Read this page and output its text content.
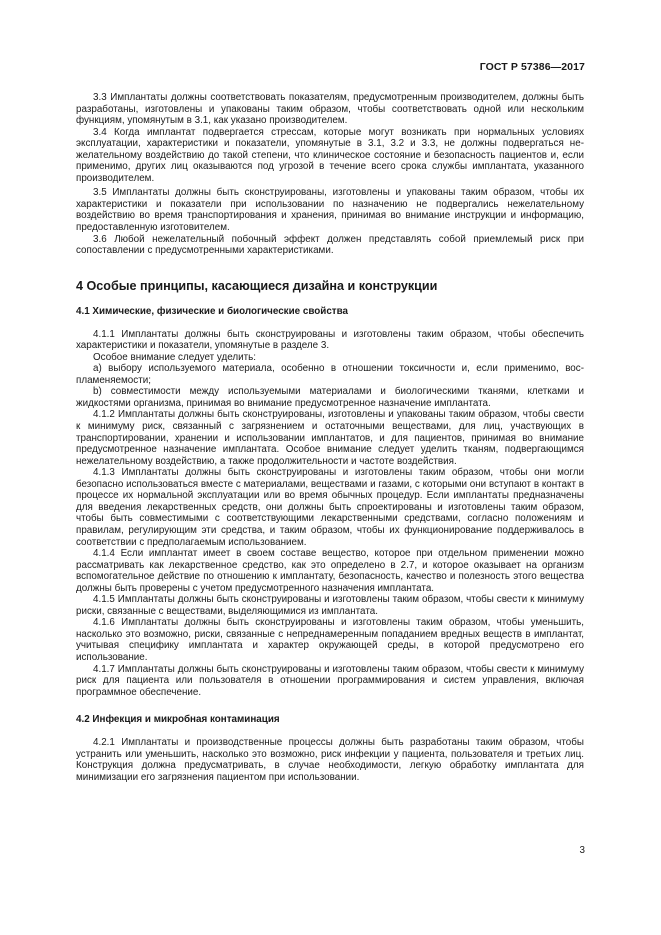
ГОСТ Р 57386—2017

3.3 Имплантаты должны соответствовать показателям, предусмотренным производителем, должны быть разработаны, изготовлены и упакованы таким образом, чтобы соответствовать одной или нескольким функциям, упомянутым в 3.1, как указано производителем.

3.4 Когда имплантат подвергается стрессам, которые могут возникать при нормальных условиях эксплуатации, характеристики и показатели, упомянутые в 3.1, 3.2 и 3.3, не должны подвергаться нежелательному воздействию до такой степени, что клиническое состояние и безопасность пациентов и, если применимо, других лиц оказываются под угрозой в течение всего срока службы имплантата, указанного производителем.

3.5 Имплантаты должны быть сконструированы, изготовлены и упакованы таким образом, чтобы их характеристики и показатели при использовании по назначению не подвергались нежелательному воздействию во время транспортирования и хранения, принимая во внимание инструкции и информацию, предоставленную изготовителем.

3.6 Любой нежелательный побочный эффект должен представлять собой приемлемый риск при сопоставлении с предусмотренными характеристиками.

4 Особые принципы, касающиеся дизайна и конструкции
4.1 Химические, физические и биологические свойства

4.1.1 Имплантаты должны быть сконструированы и изготовлены таким образом, чтобы обеспечить характеристики и показатели, упомянутые в разделе 3.

Особое внимание следует уделить:

a) выбору используемого материала, особенно в отношении токсичности и, если применимо, воспламеняемости;

b) совместимости между используемыми материалами и биологическими тканями, клетками и жидкостями организма, принимая во внимание предусмотренное назначение имплантата.

4.1.2 Имплантаты должны быть сконструированы, изготовлены и упакованы таким образом, чтобы свести к минимуму риск, связанный с загрязнением и остаточными веществами, для лиц, участвующих в транспортировании, хранении и использовании имплантатов, и для пациентов, принимая во внимание предусмотренное назначение имплантата. Особое внимание следует уделить тканям, подвергающимся нежелательному воздействию, а также продолжительности и частоте воздействия.

4.1.3 Имплантаты должны быть сконструированы и изготовлены таким образом, чтобы они могли безопасно использоваться вместе с материалами, веществами и газами, с которыми они вступают в контакт в процессе их нормальной эксплуатации или во время обычных процедур. Если имплантаты предназначены для введения лекарственных средств, они должны быть спроектированы и изготовлены таким образом, чтобы быть совместимыми с соответствующими лекарственными средствами, согласно положениям и правилам, регулирующим эти средства, и таким образом, чтобы их функционирование поддерживалось в соответствии с предполагаемым использованием.

4.1.4 Если имплантат имеет в своем составе вещество, которое при отдельном применении можно рассматривать как лекарственное средство, как это определено в 2.7, и которое оказывает на организм вспомогательное действие по отношению к имплантату, безопасность, качество и полезность этого вещества должны быть проверены с учетом предусмотренного назначения имплантата.

4.1.5 Имплантаты должны быть сконструированы и изготовлены таким образом, чтобы свести к минимуму риски, связанные с веществами, выделяющимися из имплантата.

4.1.6 Имплантаты должны быть сконструированы и изготовлены таким образом, чтобы уменьшить, насколько это возможно, риски, связанные с непреднамеренным попаданием вредных веществ в имплантат, учитывая специфику имплантата и характер окружающей среды, в которой предусмотрено его использование.

4.1.7 Имплантаты должны быть сконструированы и изготовлены таким образом, чтобы свести к минимуму риск для пациента или пользователя в отношении программирования и систем управления, включая программное обеспечение.

4.2 Инфекция и микробная контаминация

4.2.1 Имплантаты и производственные процессы должны быть разработаны таким образом, чтобы устранить или уменьшить, насколько это возможно, риск инфекции у пациента, пользователя и третьих лиц. Конструкция должна предусматривать, в случае необходимости, легкую обработку имплантата для минимизации его загрязнения пациентом при использовании.

3
